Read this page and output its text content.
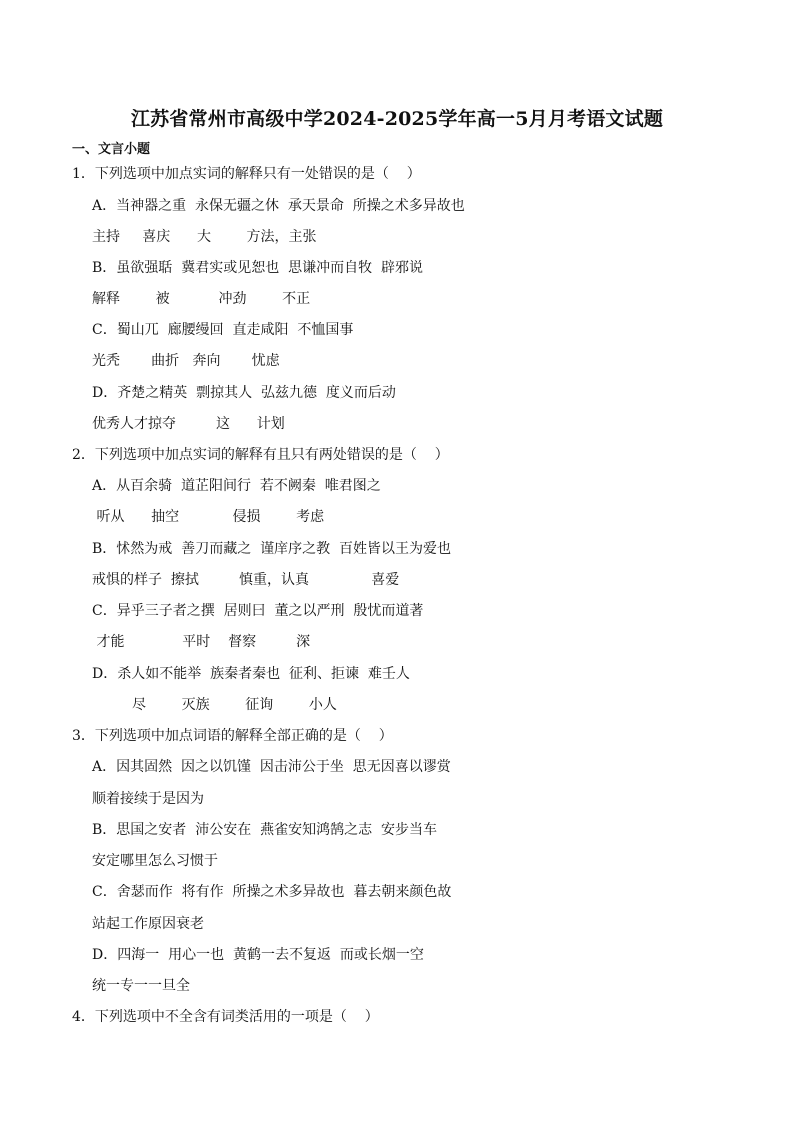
江苏省常州市高级中学2024-2025学年高一5月月考语文试题
一、文言小题
1．下列选项中加点实词的解释只有一处错误的是（    ）
A．当神器之重  永保无疆之休  承天景命  所操之术多异故也
主持     喜庆      大        方法，主张
B．虽欲强聒  冀君实或见恕也  思谦冲而自牧  辟邪说
解释        被           冲劲        不正
C．蜀山兀  廊腰缦回  直走咸阳  不恤国事
光秃       曲折   奔向       忧虑
D．齐楚之精英  剽掠其人  弘兹九德  度义而后动
优秀人才掠夺         这      计划
2．下列选项中加点实词的解释有且只有两处错误的是（    ）
A．从百余骑  道芷阳间行  若不阙秦  唯君图之
听从      抽空            侵损        考虑
B．怵然为戒  善刀而藏之  谨庠序之教  百姓皆以王为爱也
戒惧的样子  擦拭         慎重，认真              喜爱
C．异乎三子者之撰  居则曰  董之以严刑  殷忧而道著
才能             平时    督察         深
D．杀人如不能举  族秦者秦也  征利、拒谏  难壬人
尽        灭族        征询        小人
3．下列选项中加点词语的解释全部正确的是（    ）
A．因其固然  因之以饥馑  因击沛公于坐  思无因喜以谬赏
顺着接续于是因为
B．思国之安者  沛公安在  燕雀安知鸿鹄之志  安步当车
安定哪里怎么习惯于
C．舍瑟而作  将有作  所操之术多异故也  暮去朝来颜色故
站起工作原因衰老
D．四海一  用心一也  黄鹤一去不复返  而或长烟一空
统一专一一旦全
4．下列选项中不全含有词类活用的一项是（    ）
